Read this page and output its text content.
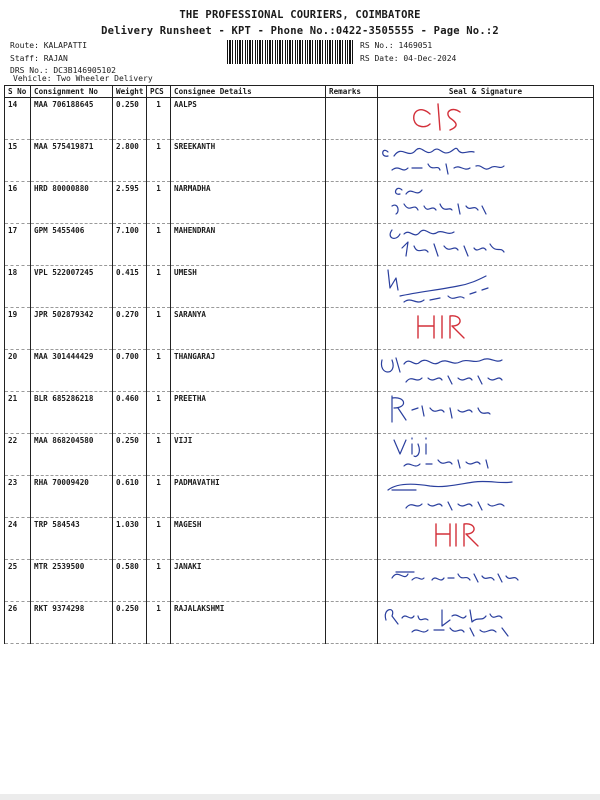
THE PROFESSIONAL COURIERS, COIMBATORE
Delivery Runsheet - KPT - Phone No.:0422-3505555 - Page No.:2
Route: KALAPATTI
Staff: RAJAN
DRS No.: DC3B146905102
RS No.: 1469051
RS Date: 04-Dec-2024
Vehicle: Two Wheeler Delivery
S No	Consignment No	Weight	PCS	Consignee Details	Remarks	Seal & Signature
14	MAA 706188645	0.250	1	AALPS		

15	MAA 575419871	2.800	1	SREEKANTH		

16	HRD 80000880	2.595	1	NARMADHA		

17	GPM 5455406	7.100	1	MAHENDRAN		

18	VPL 522007245	0.415	1	UMESH		

19	JPR 502879342	0.270	1	SARANYA		

20	MAA 301444429	0.700	1	THANGARAJ		

21	BLR 685286218	0.460	1	PREETHA		

22	MAA 868204580	0.250	1	VIJI		

23	RHA 70009420	0.610	1	PADMAVATHI		

24	TRP 584543	1.030	1	MAGESH		

25	MTR 2539500	0.580	1	JANAKI		

26	RKT 9374298	0.250	1	RAJALAKSHMI		
